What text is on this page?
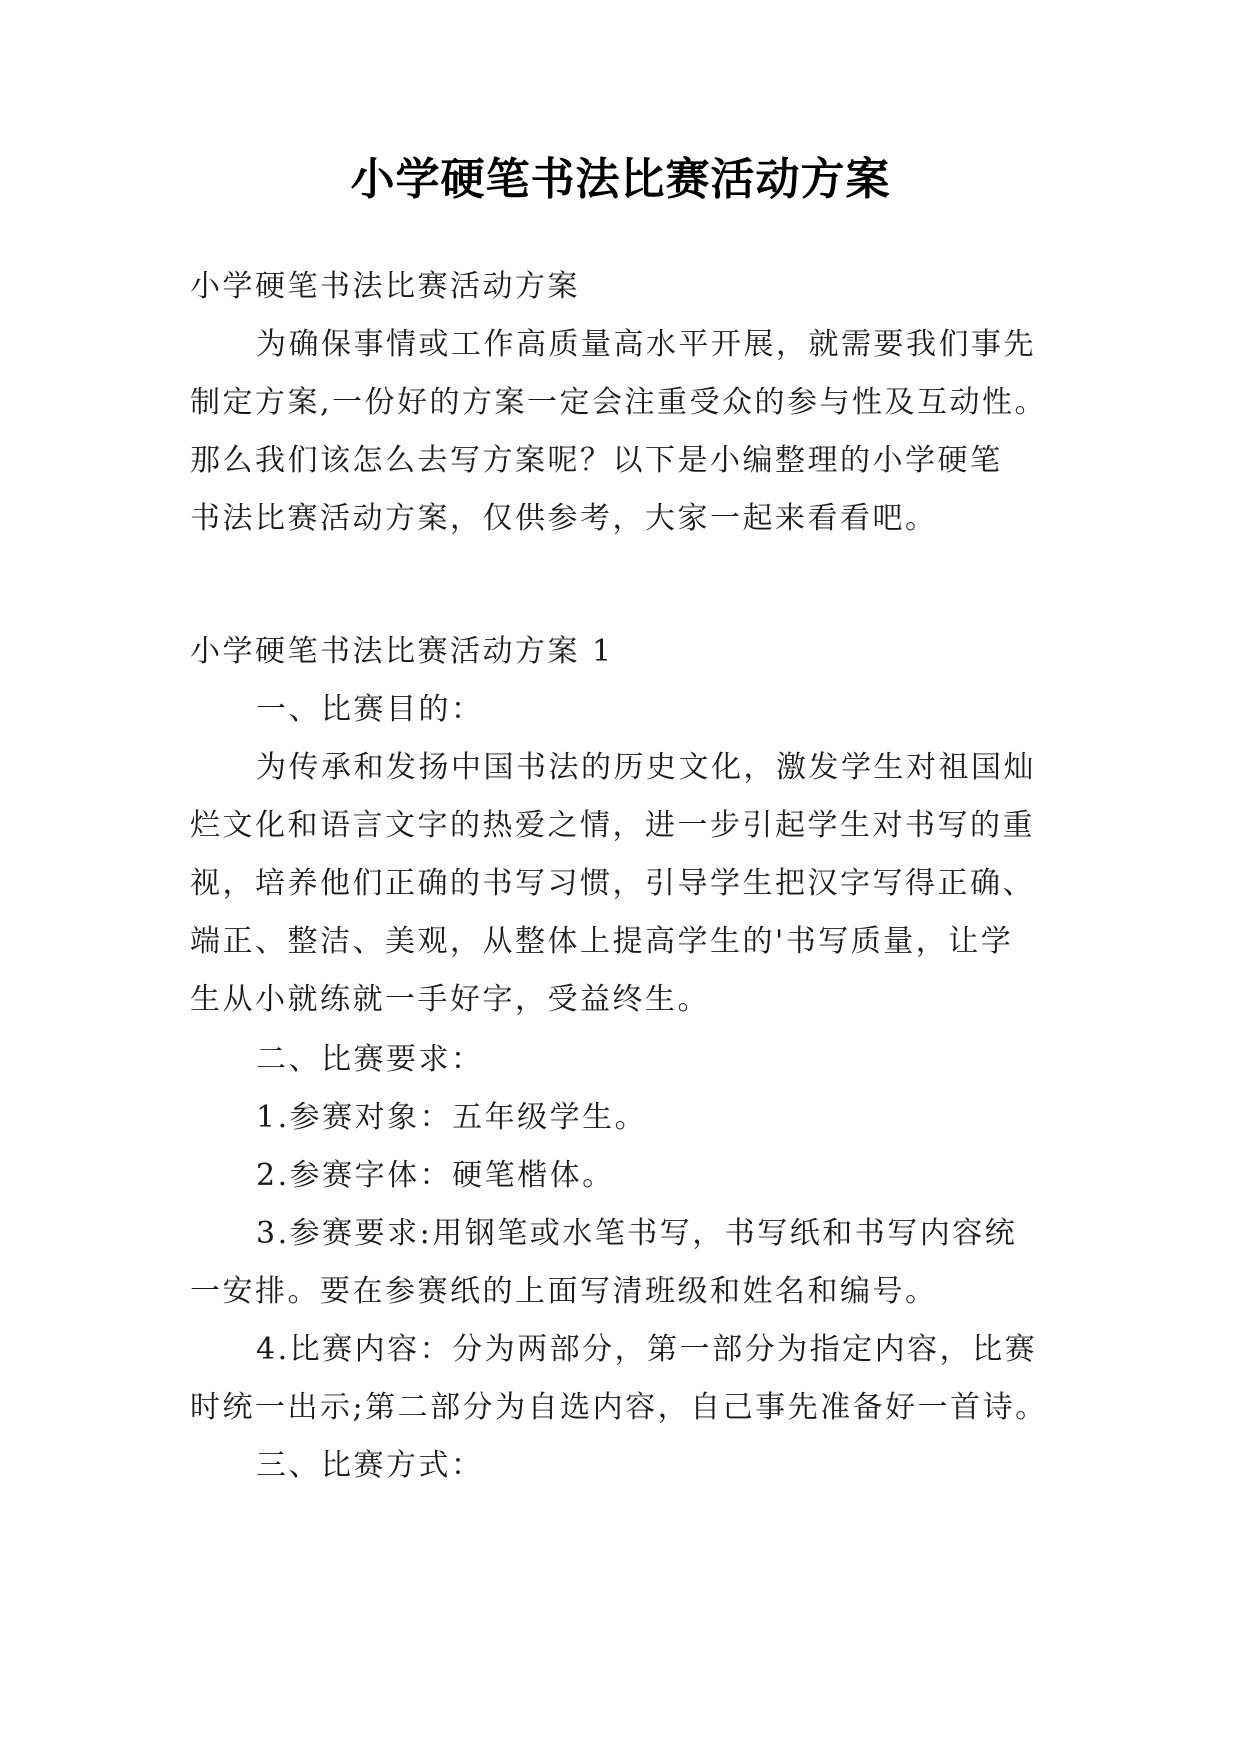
小学硬笔书法比赛活动方案

小学硬笔书法比赛活动方案

为确保事情或工作高质量高水平开展，就需要我们事先
制定方案,一份好的方案一定会注重受众的参与性及互动性。
那么我们该怎么去写方案呢？以下是小编整理的小学硬笔
书法比赛活动方案，仅供参考，大家一起来看看吧。

小学硬笔书法比赛活动方案 1

一、比赛目的：

为传承和发扬中国书法的历史文化，激发学生对祖国灿
烂文化和语言文字的热爱之情，进一步引起学生对书写的重
视，培养他们正确的书写习惯，引导学生把汉字写得正确、
端正、整洁、美观，从整体上提高学生的'书写质量，让学
生从小就练就一手好字，受益终生。

二、比赛要求：

1.参赛对象：五年级学生。

2.参赛字体：硬笔楷体。

3.参赛要求:用钢笔或水笔书写，书写纸和书写内容统
一安排。要在参赛纸的上面写清班级和姓名和编号。

4.比赛内容：分为两部分，第一部分为指定内容，比赛
时统一出示;第二部分为自选内容，自己事先准备好一首诗。

三、比赛方式：
